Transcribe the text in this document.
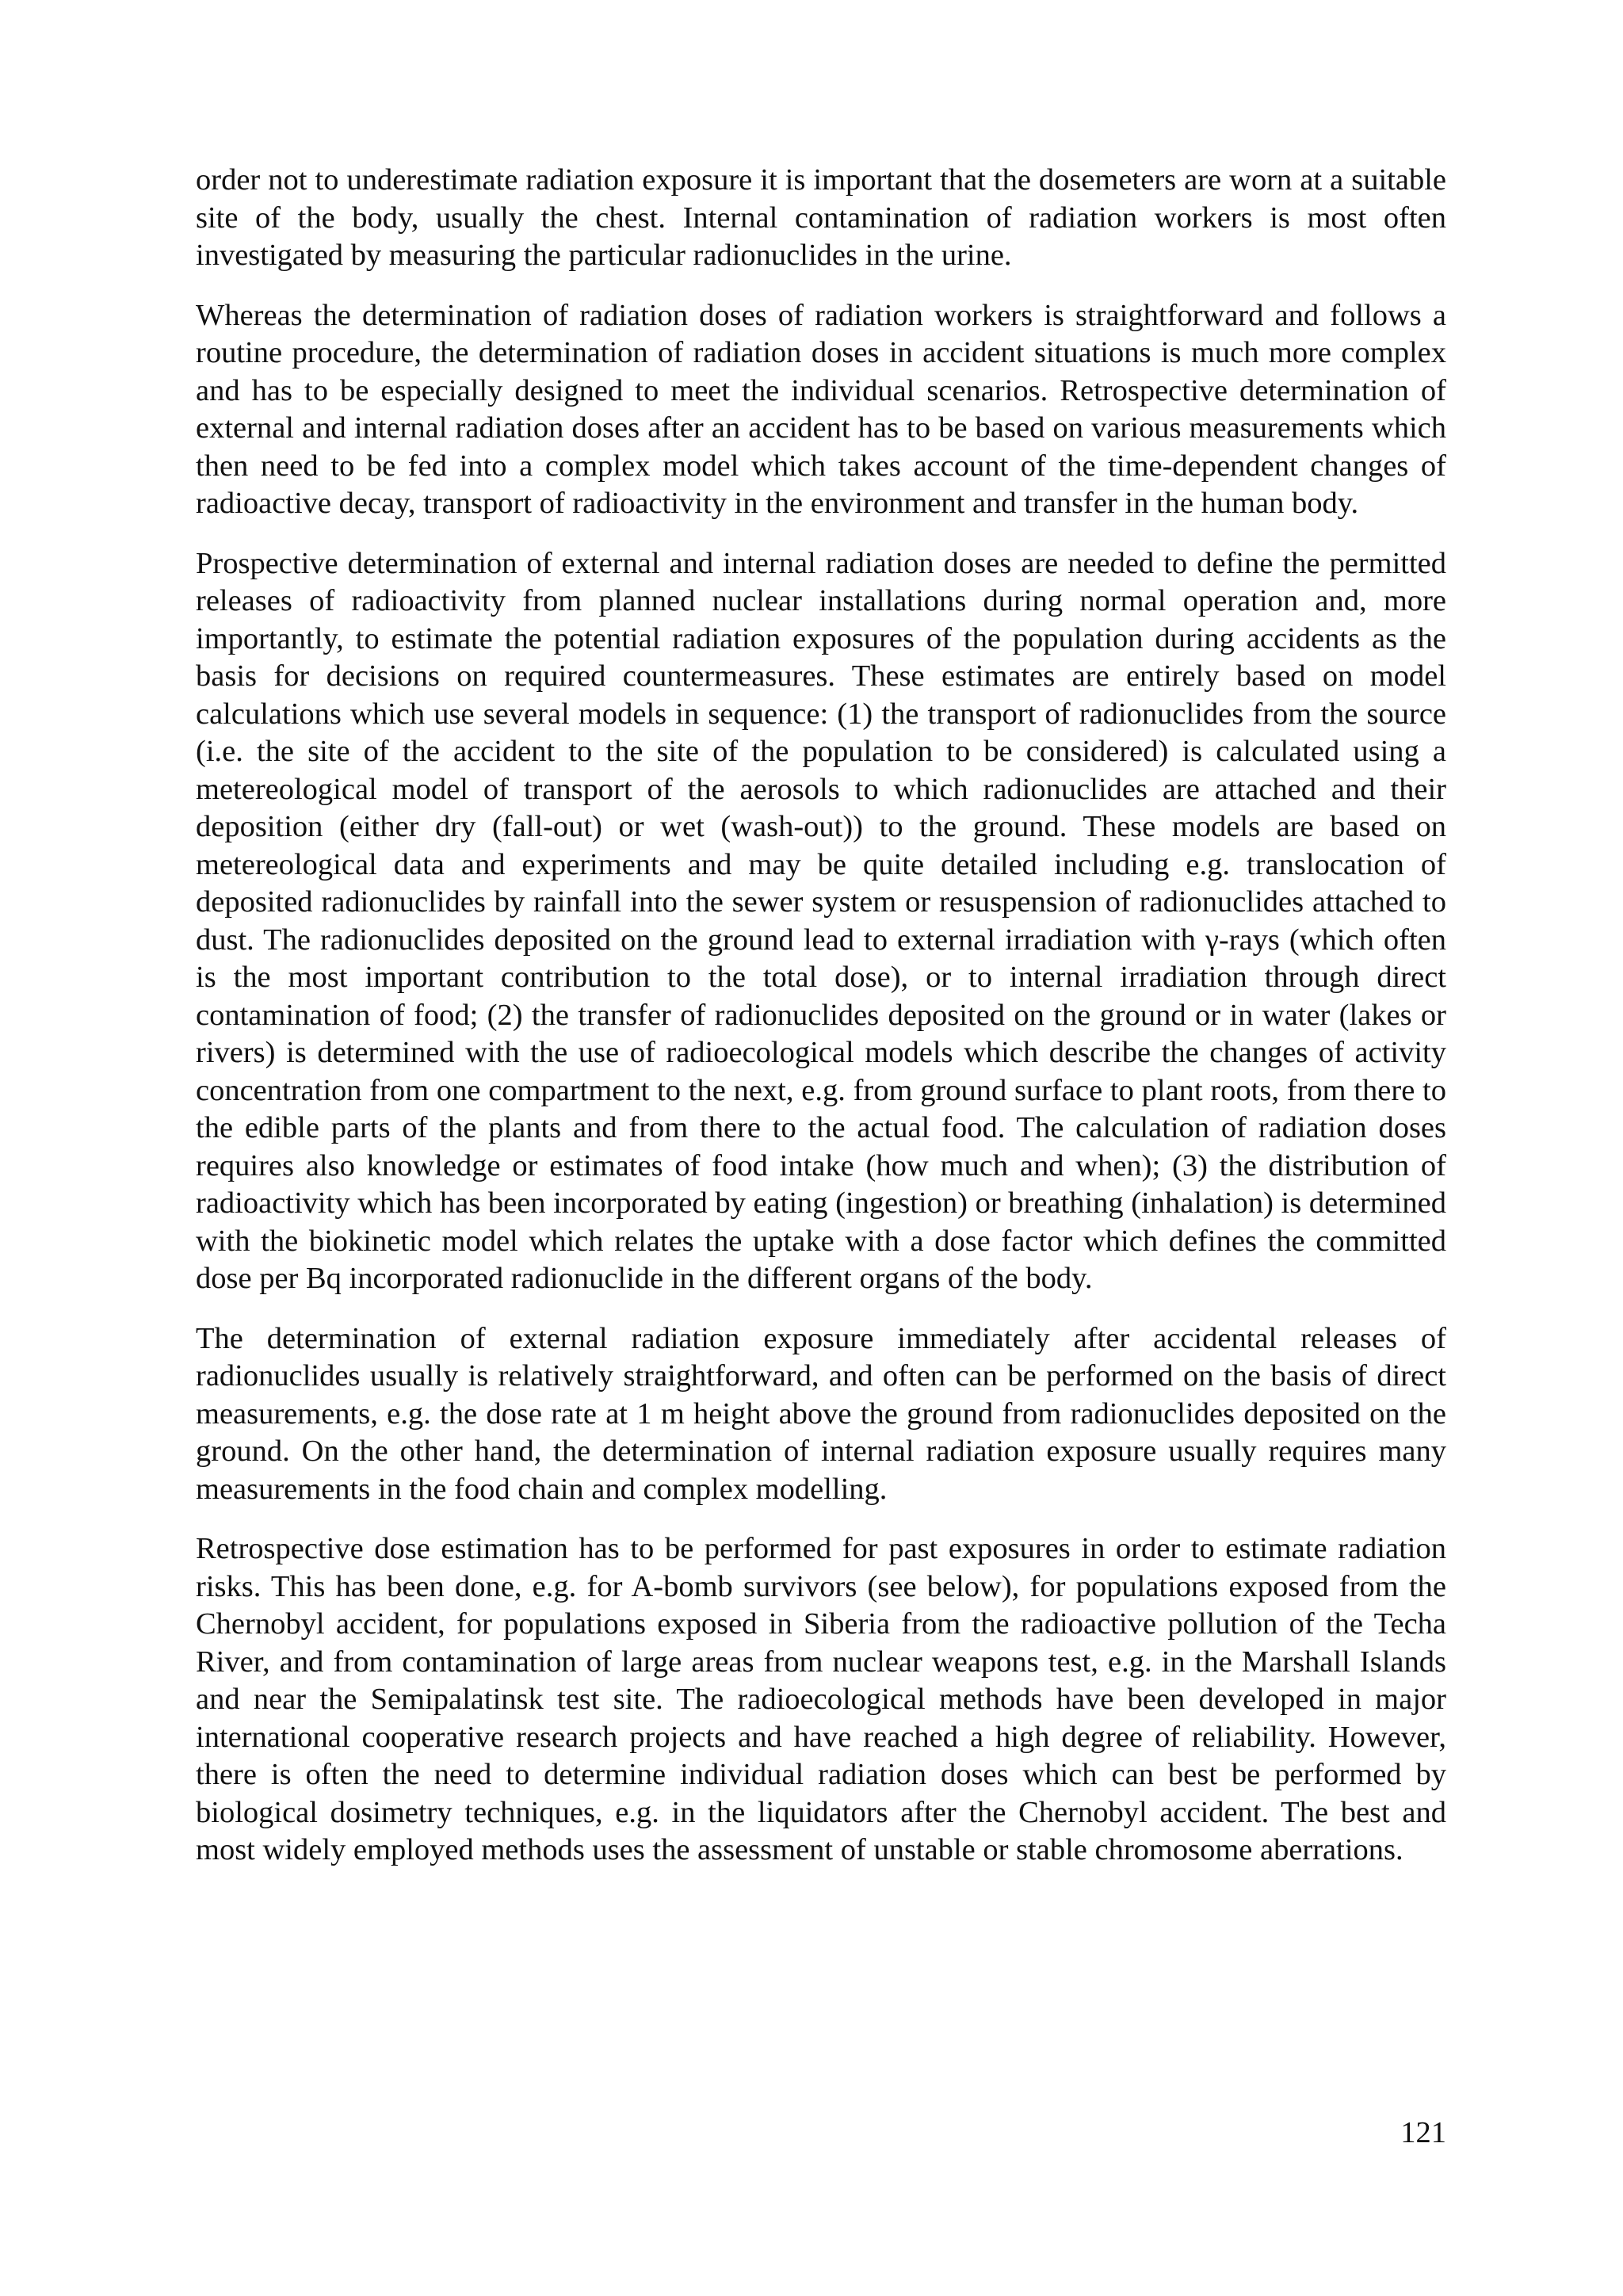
order not to underestimate radiation exposure it is important that the dosemeters are worn at a suitable site of the body, usually the chest. Internal contamination of radiation workers is most often investigated by measuring the particular radionuclides in the urine.

Whereas the determination of radiation doses of radiation workers is straightforward and follows a routine procedure, the determination of radiation doses in accident situations is much more complex and has to be especially designed to meet the individual scenarios. Retrospective determination of external and internal radiation doses after an accident has to be based on various measurements which then need to be fed into a complex model which takes account of the time-dependent changes of radioactive decay, transport of radioactivity in the environment and transfer in the human body.

Prospective determination of external and internal radiation doses are needed to define the permitted releases of radioactivity from planned nuclear installations during normal operation and, more importantly, to estimate the potential radiation exposures of the population during accidents as the basis for decisions on required countermeasures. These estimates are entirely based on model calculations which use several models in sequence: (1) the transport of radionuclides from the source (i.e. the site of the accident to the site of the population to be considered) is calculated using a metereological model of transport of the aerosols to which radionuclides are attached and their deposition (either dry (fall-out) or wet (wash-out)) to the ground. These models are based on metereological data and experiments and may be quite detailed including e.g. translocation of deposited radionuclides by rainfall into the sewer system or resuspension of radionuclides attached to dust. The radionuclides deposited on the ground lead to external irradiation with γ-rays (which often is the most important contribution to the total dose), or to internal irradiation through direct contamination of food; (2) the transfer of radionuclides deposited on the ground or in water (lakes or rivers) is determined with the use of radioecological models which describe the changes of activity concentration from one compartment to the next, e.g. from ground surface to plant roots, from there to the edible parts of the plants and from there to the actual food. The calculation of radiation doses requires also knowledge or estimates of food intake (how much and when); (3) the distribution of radioactivity which has been incorporated by eating (ingestion) or breathing (inhalation) is determined with the biokinetic model which relates the uptake with a dose factor which defines the committed dose per Bq incorporated radionuclide in the different organs of the body.

The determination of external radiation exposure immediately after accidental releases of radionuclides usually is relatively straightforward, and often can be performed on the basis of direct measurements, e.g. the dose rate at 1 m height above the ground from radionuclides deposited on the ground. On the other hand, the determination of internal radiation exposure usually requires many measurements in the food chain and complex modelling.

Retrospective dose estimation has to be performed for past exposures in order to estimate radiation risks. This has been done, e.g. for A-bomb survivors (see below), for populations exposed from the Chernobyl accident, for populations exposed in Siberia from the radioactive pollution of the Techa River, and from contamination of large areas from nuclear weapons test, e.g. in the Marshall Islands and near the Semipalatinsk test site. The radioecological methods have been developed in major international cooperative research projects and have reached a high degree of reliability. However, there is often the need to determine individual radiation doses which can best be performed by biological dosimetry techniques, e.g. in the liquidators after the Chernobyl accident. The best and most widely employed methods uses the assessment of unstable or stable chromosome aberrations.

121
